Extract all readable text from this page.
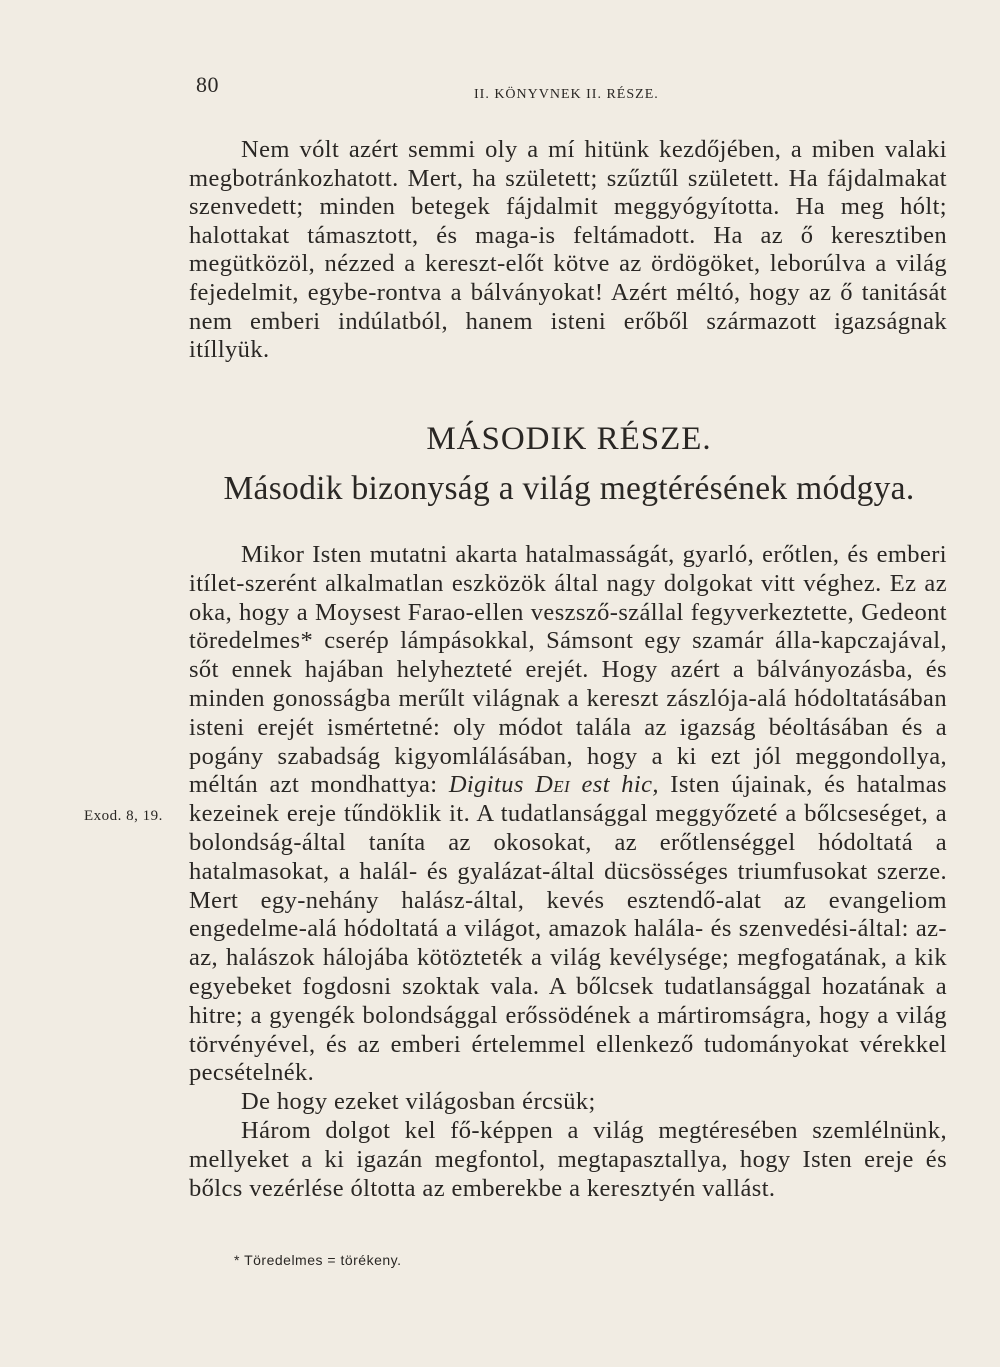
80	II. KÖNYVNEK II. RÉSZE.

Nem vólt azért semmi oly a mí hitünk kezdőjében, a miben valaki megbotránkozhatott. Mert, ha született; szűztűl született. Ha fájdalmakat szenvedett; minden betegek fájdalmit meggyógyította. Ha meg hólt; halottakat támasztott, és maga-is feltámadott. Ha az ő keresztiben megütközöl, nézzed a kereszt-előt kötve az ördögöket, leborúlva a világ fejedelmit, egybe-rontva a bálványokat! Azért méltó, hogy az ő tanitását nem emberi indúlatból, hanem isteni erőből származott igazságnak itíllyük.

MÁSODIK RÉSZE.
Második bizonyság a világ megtérésének módgya.

Mikor Isten mutatni akarta hatalmasságát, gyarló, erőtlen, és emberi itílet-szerént alkalmatlan eszközök által nagy dolgokat vitt véghez. Ez az oka, hogy a Moysest Farao-ellen veszsző-szállal fegyverkeztette, Gedeont töredelmes* cserép lámpásokkal, Sámsont egy szamár álla-kapczajával, sőt ennek hajában helyhezteté erejét. Hogy azért a bálványozásba, és minden gonosságba merűlt világnak a kereszt zászlója-alá hódoltatásában isteni erejét ismértetné: oly módot talála az igazság béoltásában és a pogány szabadság kigyomlálásában, hogy a ki ezt jól meggondollya, méltán azt mondhattya: Digitus Dei est hic, Isten újainak, és hatalmas kezeinek ereje tűndöklik it. A tudatlansággal meggyőzeté a bőlcseséget, a bolondság-által taníta az okosokat, az erőtlenséggel hódoltatá a hatalmasokat, a halál- és gyalázat-által dücsösséges triumfusokat szerze. Mert egy-nehány halász-által, kevés esztendő-alat az evangeliom engedelme-alá hódoltatá a világot, amazok halála- és szenvedési-által: az-az, halászok hálojába kötözteték a világ kevélysége; megfogatának, a kik egyebeket fogdosni szoktak vala. A bőlcsek tudatlansággal hozatának a hitre; a gyengék bolondsággal erőssödének a mártiromságra, hogy a világ törvényével, és az emberi értelemmel ellenkező tudományokat vérekkel pecsételnék.

De hogy ezeket világosban ércsük;

Három dolgot kel fő-képpen a világ megtéresében szemlélnünk, mellyeket a ki igazán megfontol, megtapasztallya, hogy Isten ereje és bőlcs vezérlése óltotta az emberekbe a keresztyén vallást.

Exod. 8, 19.
* Töredelmes = törékeny.
